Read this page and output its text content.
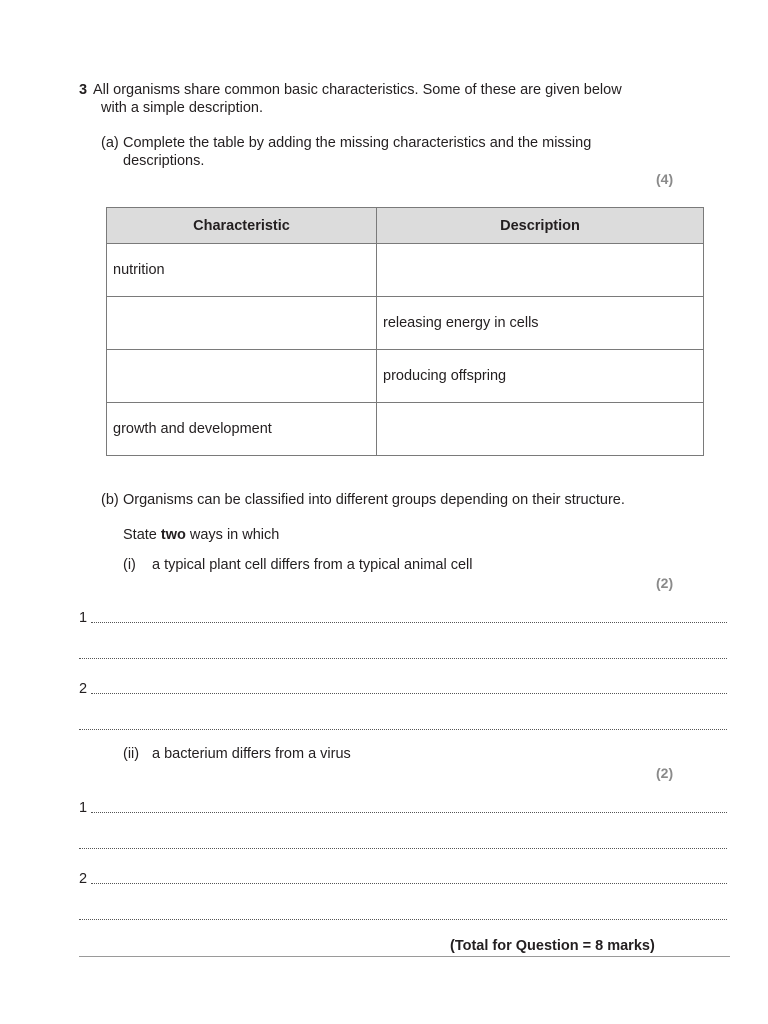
3 All organisms share common basic characteristics. Some of these are given below
with a simple description.
(a) Complete the table by adding the missing characteristics and the missing
descriptions.
(4)
Characteristic	Description
nutrition	
	releasing energy in cells
	producing offspring
growth and development	
(b) Organisms can be classified into different groups depending on their structure.
State two ways in which
(i) a typical plant cell differs from a typical animal cell
(2)
1
2
(ii) a bacterium differs from a virus
(2)
1
2
(Total for Question = 8 marks)
